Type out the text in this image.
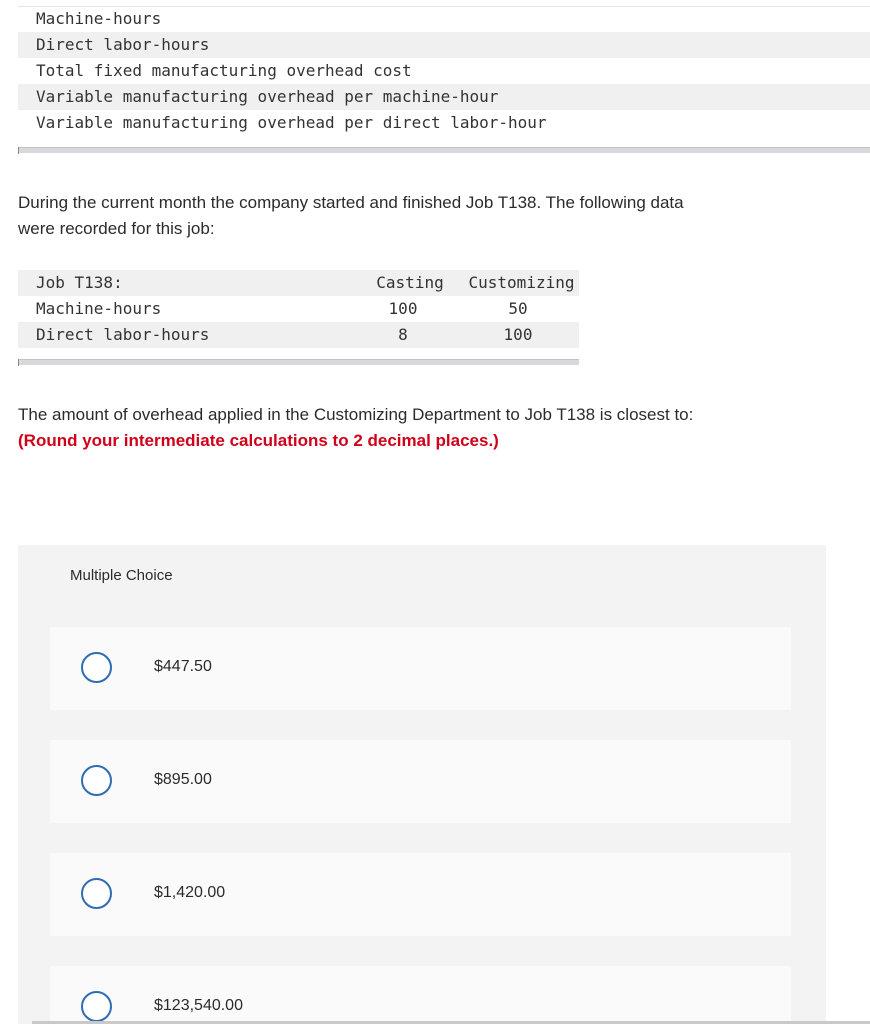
Machine-hours
Direct labor-hours
Total fixed manufacturing overhead cost
Variable manufacturing overhead per machine-hour
Variable manufacturing overhead per direct labor-hour
During the current month the company started and finished Job T138. The following data
were recorded for this job:
Job T138:	Casting	Customizing
Machine-hours	100	50
Direct labor-hours	8	100
The amount of overhead applied in the Customizing Department to Job T138 is closest to:
(Round your intermediate calculations to 2 decimal places.)
Multiple Choice
$447.50
$895.00
$1,420.00
$123,540.00
